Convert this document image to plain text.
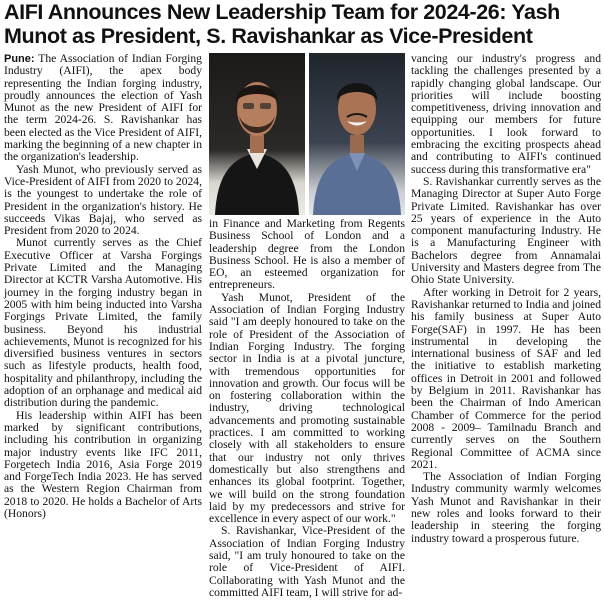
AIFI Announces New Leadership Team for 2024-26: Yash
Munot as President, S. Ravishankar as Vice-President

Pune: The Association of Indian Forging Industry (AIFI), the apex body representing the Indian forging industry, proudly announces the election of Yash Munot as the new President of AIFI for the term 2024-26. S. Ravishankar has been elected as the Vice President of AIFI, marking the beginning of a new chapter in the organization's leadership.

Yash Munot, who previously served as Vice-President of AIFI from 2020 to 2024, is the youngest to undertake the role of President in the organization's history. He succeeds Vikas Bajaj, who served as President from 2020 to 2024.

Munot currently serves as the Chief Executive Officer at Varsha Forgings Private Limited and the Managing Director at KCTR Varsha Automotive. His journey in the forging industry began in 2005 with him being inducted into Varsha Forgings Private Limited, the family business. Beyond his industrial achievements, Munot is recognized for his diversified business ventures in sectors such as lifestyle products, health food, hospitality and philanthropy, including the adoption of an orphanage and medical aid distribution during the pandemic.

His leadership within AIFI has been marked by significant contributions, including his contribution in organizing major industry events like IFC 2011, Forgetech India 2016, Asia Forge 2019 and ForgeTech India 2023. He has served as the Western Region Chairman from 2018 to 2020. He holds a Bachelor of Arts (Honors)

in Finance and Marketing from Regents Business School of London and a leadership degree from the London Business School. He is also a member of EO, an esteemed organization for entrepreneurs.

Yash Munot, President of the Association of Indian Forging Industry said "I am deeply honoured to take on the role of President of the Association of Indian Forging Industry. The forging sector in India is at a pivotal juncture, with tremendous opportunities for innovation and growth. Our focus will be on fostering collaboration within the industry, driving technological advancements and promoting sustainable practices. I am committed to working closely with all stakeholders to ensure that our industry not only thrives domestically but also strengthens and enhances its global footprint. Together, we will build on the strong foundation laid by my predecessors and strive for excellence in every aspect of our work."

S. Ravishankar, Vice-President of the Association of Indian Forging Industry said, "I am truly honoured to take on the role of Vice-President of AIFI. Collaborating with Yash Munot and the committed AIFI team, I will strive for ad-

vancing our industry's progress and tackling the challenges presented by a rapidly changing global landscape. Our priorities will include boosting competitiveness, driving innovation and equipping our members for future opportunities. I look forward to embracing the exciting prospects ahead and contributing to AIFI's continued success during this transformative era"

S. Ravishankar currently serves as the Managing Director at Super Auto Forge Private Limited. Ravishankar has over 25 years of experience in the Auto component manufacturing Industry. He is a Manufacturing Engineer with Bachelors degree from Annamalai University and Masters degree from The Ohio State University.

After working in Detroit for 2 years, Ravishankar returned to India and joined his family business at Super Auto Forge(SAF) in 1997. He has been instrumental in developing the international business of SAF and led the initiative to establish marketing offices in Detroit in 2001 and followed by Belgium in 2011. Ravishankar has been the Chairman of Indo American Chamber of Commerce for the period 2008 - 2009– Tamilnadu Branch and currently serves on the Southern Regional Committee of ACMA since 2021.

The Association of Indian Forging Industry community warmly welcomes Yash Munot and Ravishankar in their new roles and looks forward to their leadership in steering the forging industry toward a prosperous future.
